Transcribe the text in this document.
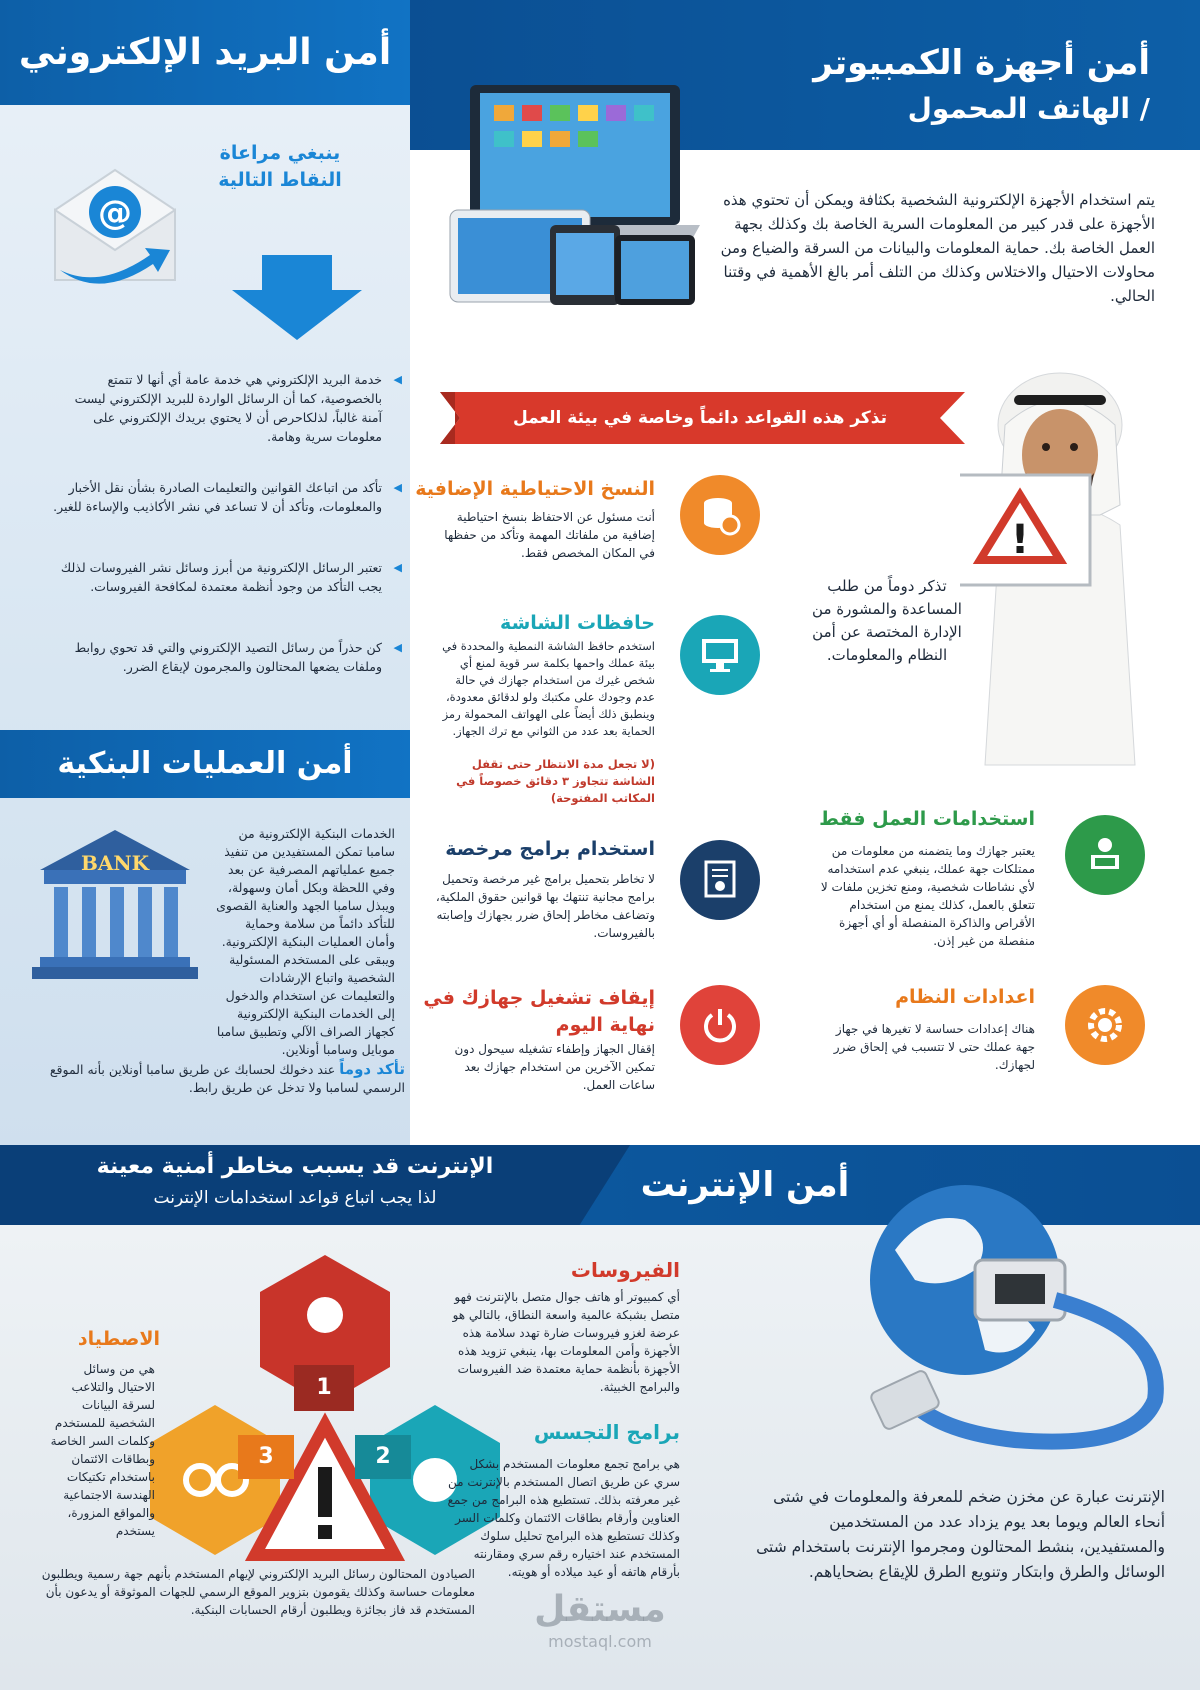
أمن البريد الإلكتروني
@
ينبغي مراعاة النقاط التالية
◀ خدمة البريد الإلكتروني هي خدمة عامة أي أنها لا تتمتع بالخصوصية، كما أن الرسائل الواردة للبريد الإلكتروني ليست آمنة غالباً، لذلكاحرص أن لا يحتوي بريدك الإلكتروني على معلومات سرية وهامة.
◀ تأكد من اتباعك القوانين والتعليمات الصادرة بشأن نقل الأخبار والمعلومات، وتأكد أن لا تساعد في نشر الأكاذيب والإساءة للغير.
◀ تعتبر الرسائل الإلكترونية من أبرز وسائل نشر الفيروسات لذلك يجب التأكد من وجود أنظمة معتمدة لمكافحة الفيروسات.
◀ كن حذراً من رسائل التصيد الإلكتروني والتي قد تحوي روابط وملفات يضعها المحتالون والمجرمون لإيقاع الضرر.
أمن العمليات البنكية
BANK
الخدمات البنكية الإلكترونية من سامبا تمكن المستفيدين من تنفيذ جميع عملياتهم المصرفية عن بعد وفي اللحظة وبكل أمان وسهولة، ويبذل سامبا الجهد والعناية القصوى للتأكد دائماً من سلامة وحماية وأمان العمليات البنكية الإلكترونية. ويبقى على المستخدم المسئولية الشخصية واتباع الإرشادات والتعليمات عن استخدام والدخول إلى الخدمات البنكية الإلكترونية كجهاز الصراف الآلي وتطبيق سامبا موبايل وسامبا أونلاين.
تأكد دوماً عند دخولك لحسابك عن طريق سامبا أونلاين بأنه الموقع الرسمي لسامبا ولا تدخل عن طريق رابط.
أمن أجهزة الكمبيوتر
/ الهاتف المحمول
يتم استخدام الأجهزة الإلكترونية الشخصية بكثافة ويمكن أن تحتوي هذه الأجهزة على قدر كبير من المعلومات السرية الخاصة بك وكذلك بجهة العمل الخاصة بك. حماية المعلومات والبيانات من السرقة والضياع ومن محاولات الاحتيال والاختلاس وكذلك من التلف أمر بالغ الأهمية في وقتنا الحالي.
تذكر هذه القواعد دائماً وخاصة في بيئة العمل
!
تذكر دوماً من طلب المساعدة والمشورة من الإدارة المختصة عن أمن النظام والمعلومات.
النسخ الاحتياطية الإضافية
أنت مسئول عن الاحتفاظ بنسخ احتياطية إضافية من ملفاتك المهمة وتأكد من حفظها في المكان المخصص فقط.
حافظات الشاشة
استخدم حافظ الشاشة النمطية والمحددة في بيئة عملك واحمها بكلمة سر قوية لمنع أي شخص غيرك من استخدام جهازك في حالة عدم وجودك على مكتبك ولو لدقائق معدودة، وينطبق ذلك أيضاً على الهواتف المحمولة رمز الحماية بعد عدد من الثواني مع ترك الجهاز.
(لا تجعل مدة الانتظار حتى تقفل الشاشة تتجاوز ٣ دقائق خصوصاً في المكاتب المفتوحة)
استخدام برامج مرخصة
لا تخاطر بتحميل برامج غير مرخصة وتحميل برامج مجانية تنتهك بها قوانين حقوق الملكية، وتضاعف مخاطر إلحاق ضرر بجهازك وإصابته بالفيروسات.
إيقاف تشغيل جهازك في نهاية اليوم
إقفال الجهاز وإطفاء تشغيله سيحول دون تمكين الآخرين من استخدام جهازك بعد ساعات العمل.
استخدامات العمل فقط
يعتبر جهازك وما يتضمنه من معلومات من ممتلكات جهة عملك، ينبغي عدم استخدامه لأي نشاطات شخصية، ومنع تخزين ملفات لا تتعلق بالعمل، كذلك يمنع من استخدام الأقراص والذاكرة المنفصلة أو أي أجهزة منفصلة من غير إذن.
اعدادات النظام
هناك إعدادات حساسة لا تغيرها في جهاز جهة عملك حتى لا تتسبب في إلحاق ضرر لجهازك.
الإنترنت قد يسبب مخاطر أمنية معينة
لذا يجب اتباع قواعد استخدامات الإنترنت	أمن الإنترنت
الإنترنت عبارة عن مخزن ضخم للمعرفة والمعلومات في شتى أنحاء العالم ويوما بعد يوم يزداد عدد من المستخدمين والمستفيدين، بنشط المحتالون ومجرموا الإنترنت باستخدام شتى الوسائل والطرق وابتكار وتنويع الطرق للإيقاع بضحاياهم.
1
2
3
الفيروسات
أي كمبيوتر أو هاتف جوال متصل بالإنترنت فهو متصل بشبكة عالمية واسعة النطاق، بالتالي هو عرضة لغزو فيروسات ضارة تهدد سلامة هذه الأجهزة وأمن المعلومات بها، ينبغي تزويد هذه الأجهزة بأنظمة حماية معتمدة ضد الفيروسات والبرامج الخبيثة.
برامج التجسس
هي برامج تجمع معلومات المستخدم بشكل سري عن طريق اتصال المستخدم بالإنترنت من غير معرفته بذلك. تستطيع هذه البرامج من جمع العناوين وأرقام بطاقات الائتمان وكلمات السر وكذلك تستطيع هذه البرامج تحليل سلوك المستخدم عند اختياره رقم سري ومقارنته بأرقام هاتفه أو عيد ميلاده أو هويته.
الاصطياد
هي من وسائل الاحتيال والتلاعب لسرقة البيانات الشخصية للمستخدم وكلمات السر الخاصة وبطاقات الائتمان باستخدام تكتيكات الهندسة الاجتماعية والمواقع المزورة، يستخدم
الصيادون المحتالون رسائل البريد الإلكتروني لإيهام المستخدم بأنهم جهة رسمية ويطلبون معلومات حساسة وكذلك يقومون بتزوير الموقع الرسمي للجهات الموثوقة أو يدعون بأن المستخدم قد فاز بجائزة ويطلبون أرقام الحسابات البنكية.	مستقل
mostaql.com
